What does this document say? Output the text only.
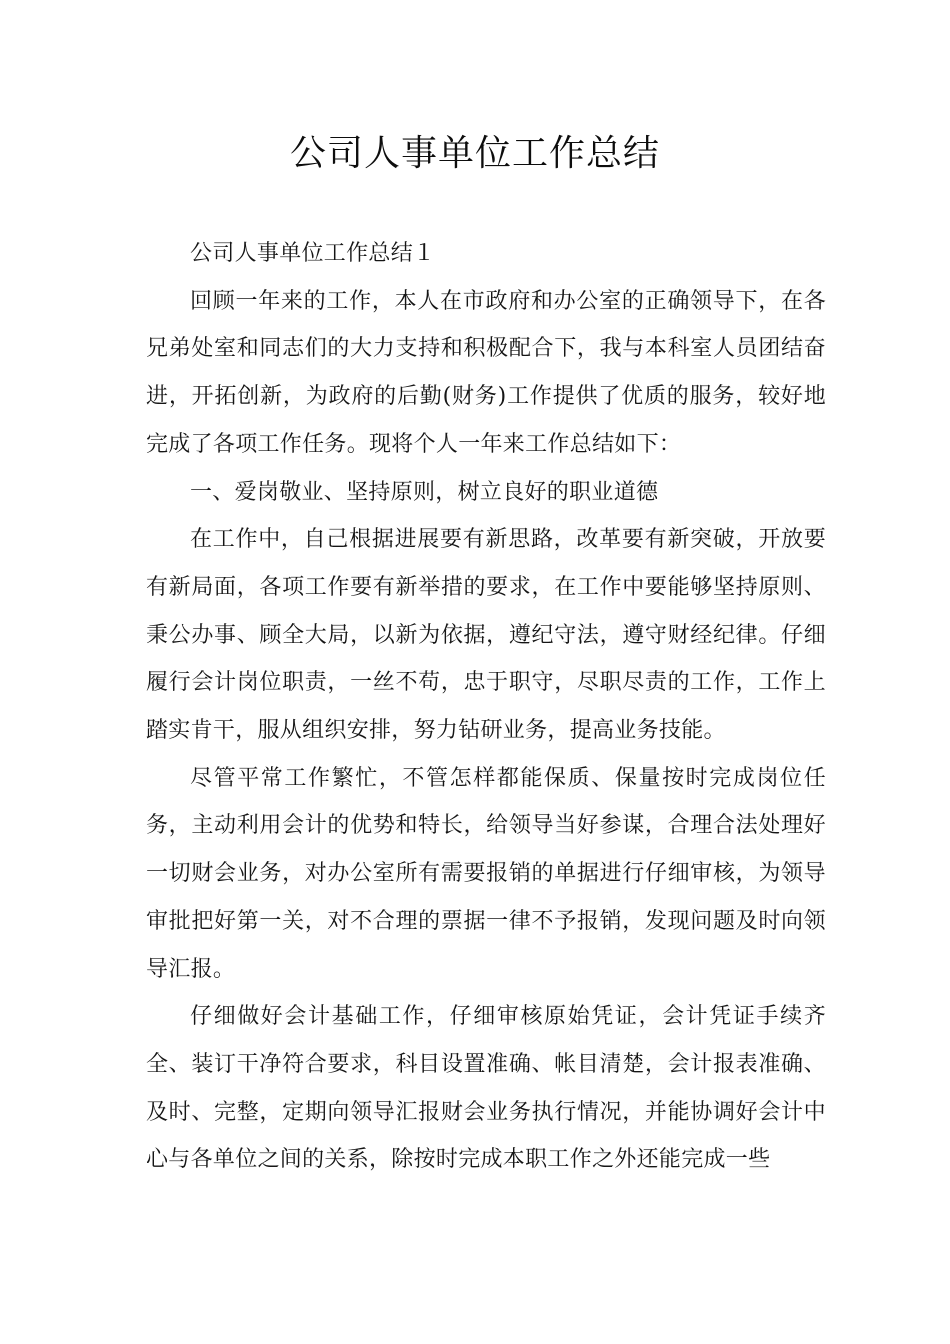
公司人事单位工作总结

公司人事单位工作总结１

回顾一年来的工作，本人在市政府和办公室的正确领导下，在各兄弟处室和同志们的大力支持和积极配合下，我与本科室人员团结奋进，开拓创新，为政府的后勤(财务)工作提供了优质的服务，较好地完成了各项工作任务。现将个人一年来工作总结如下：

一、爱岗敬业、坚持原则，树立良好的职业道德

在工作中，自己根据进展要有新思路，改革要有新突破，开放要有新局面，各项工作要有新举措的要求，在工作中要能够坚持原则、秉公办事、顾全大局，以新为依据，遵纪守法，遵守财经纪律。仔细履行会计岗位职责，一丝不苟，忠于职守，尽职尽责的工作，工作上踏实肯干，服从组织安排，努力钻研业务，提高业务技能。

尽管平常工作繁忙，不管怎样都能保质、保量按时完成岗位任务，主动利用会计的优势和特长，给领导当好参谋，合理合法处理好一切财会业务，对办公室所有需要报销的单据进行仔细审核，为领导审批把好第一关，对不合理的票据一律不予报销，发现问题及时向领导汇报。

仔细做好会计基础工作，仔细审核原始凭证，会计凭证手续齐全、装订干净符合要求，科目设置准确、帐目清楚，会计报表准确、及时、完整，定期向领导汇报财会业务执行情况，并能协调好会计中心与各单位之间的关系，除按时完成本职工作之外还能完成一些
